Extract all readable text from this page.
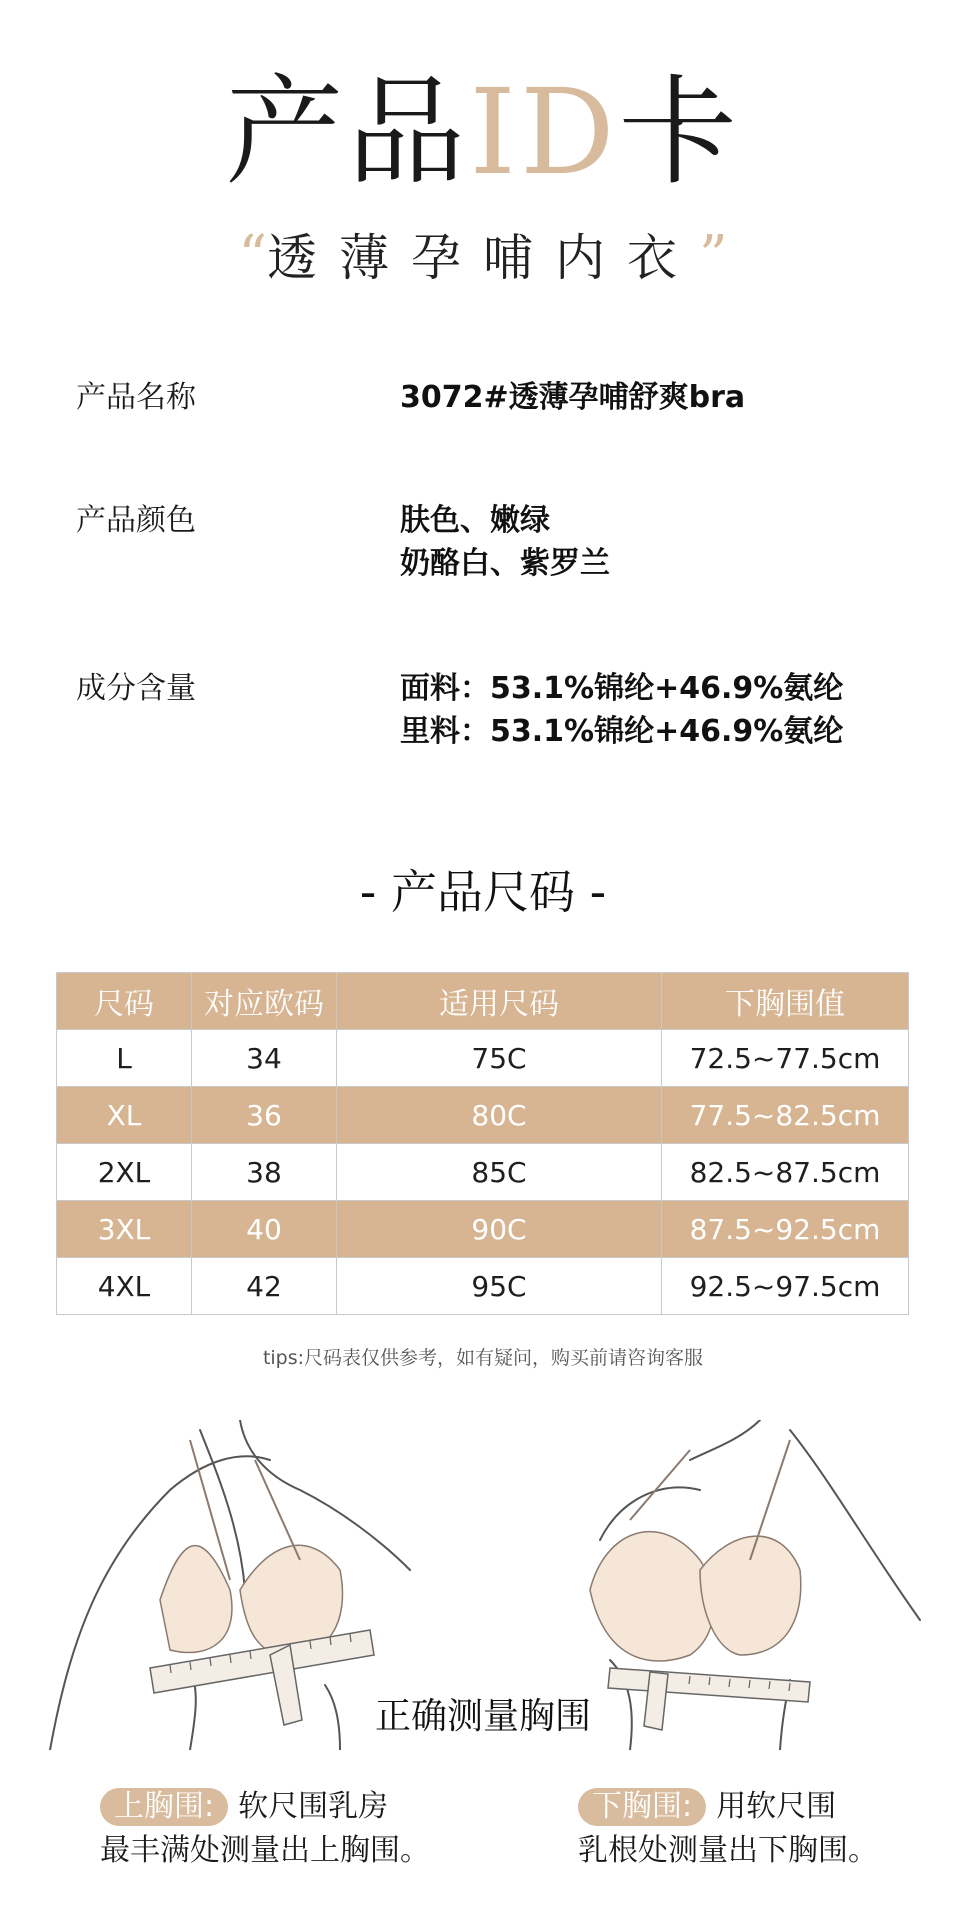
产品ID卡
“透薄孕哺内衣”
产品名称	3072#透薄孕哺舒爽bra
产品颜色	肤色、嫩绿
奶酪白、紫罗兰
成分含量	面料：53.1%锦纶+46.9%氨纶
里料：53.1%锦纶+46.9%氨纶
- 产品尺码 -
尺码	对应欧码	适用尺码	下胸围值
L	34	75C	72.5~77.5cm
XL	36	80C	77.5~82.5cm
2XL	38	85C	82.5~87.5cm
3XL	40	90C	87.5~92.5cm
4XL	42	95C	92.5~97.5cm
tips:尺码表仅供参考，如有疑问，购买前请咨询客服
正确测量胸围
上胸围: 软尺围乳房
最丰满处测量出上胸围。
下胸围: 用软尺围
乳根处测量出下胸围。
